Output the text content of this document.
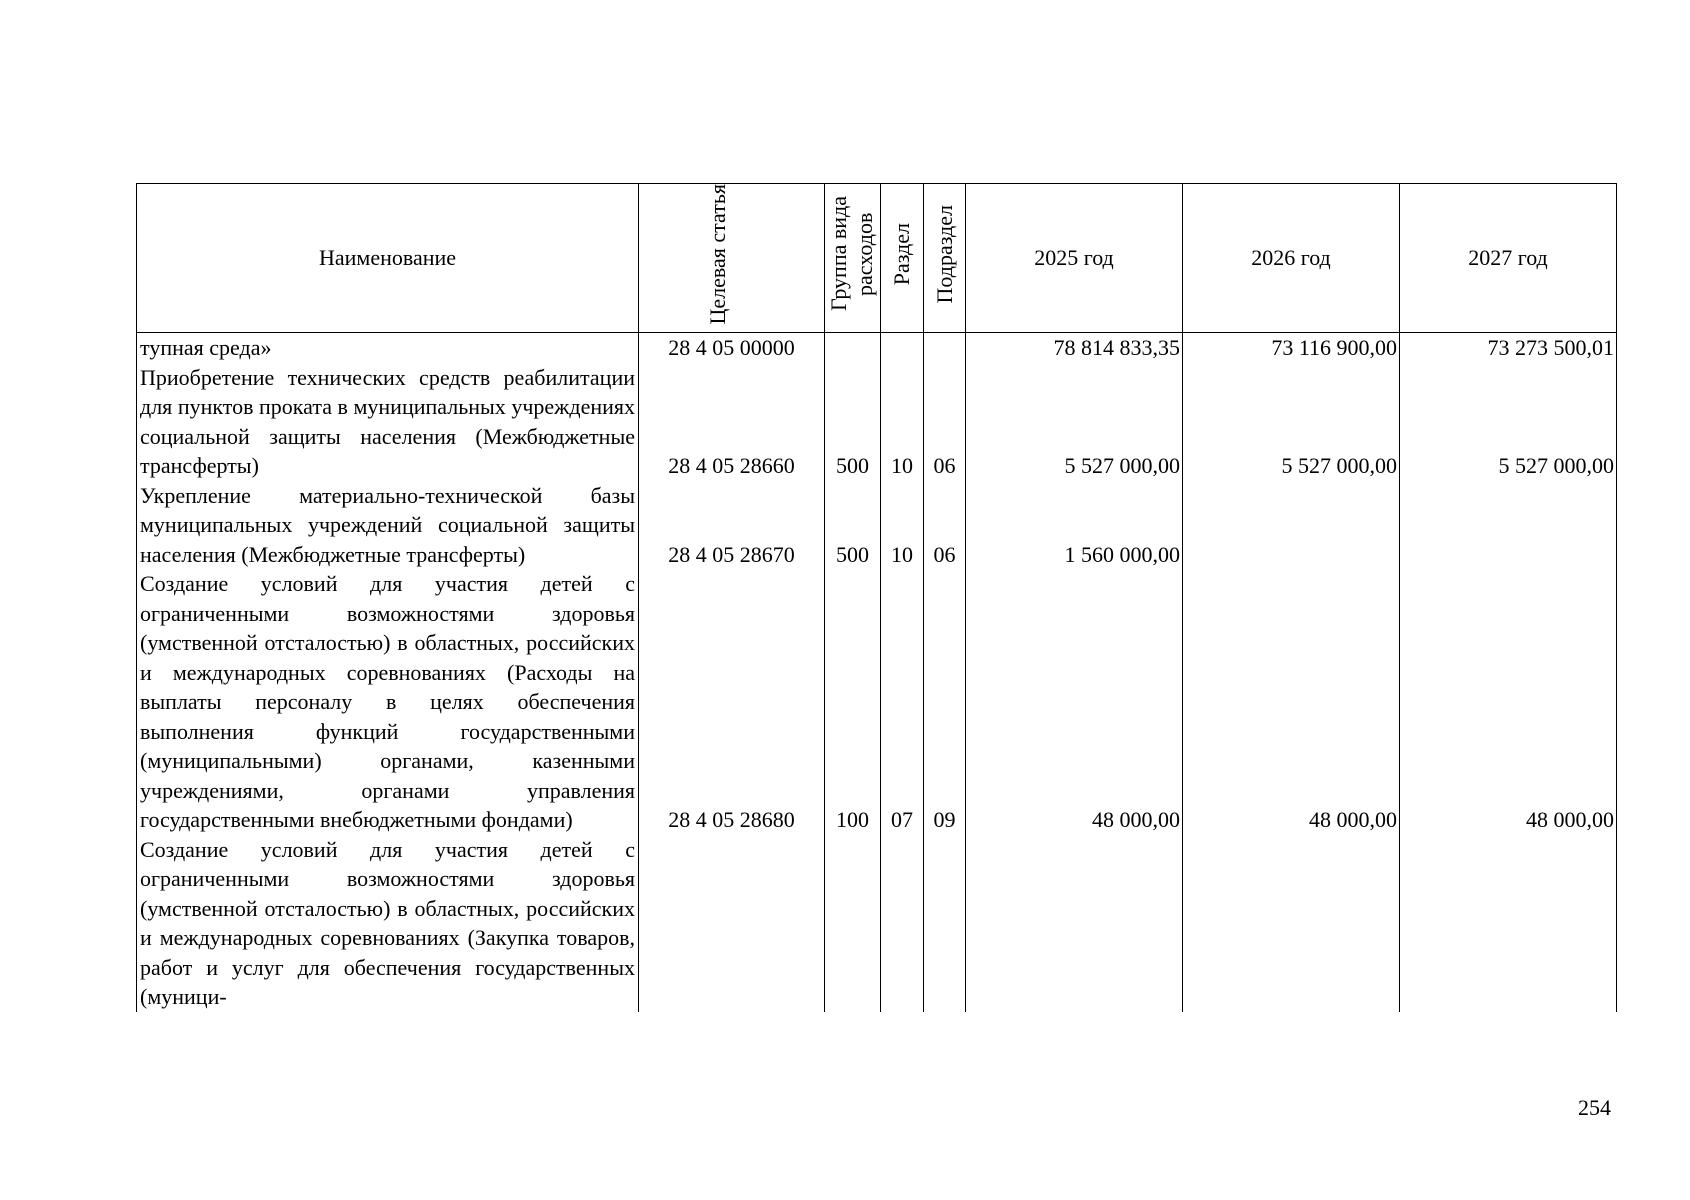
Наименование	Целевая статья	Группа вида расходов	Раздел	Подраздел	2025 год	2026 год	2027 год

тупная среда»	28 4 05 00000				78 814 833,35	73 116 900,00	73 273 500,01

Приобретение технических средств реабилитации для пунктов проката в муниципальных учреждениях социальной защиты населения (Межбюджетные трансферты)	28 4 05 28660	500	10	06	5 527 000,00	5 527 000,00	5 527 000,00

Укрепление материально-технической базы муниципальных учреждений социальной защиты населения (Межбюджетные трансферты)	28 4 05 28670	500	10	06	1 560 000,00		

Создание условий для участия детей с ограниченными возможностями здоровья (умственной отсталостью) в областных, российских и международных соревнованиях (Расходы на выплаты персоналу в целях обеспечения выполнения функций государственными (муниципальными) органами, казенными учреждениями, органами управления государственными внебюджетными фондами)	28 4 05 28680	100	07	09	48 000,00	48 000,00	48 000,00

Создание условий для участия детей с ограниченными возможностями здоровья (умственной отсталостью) в областных, российских и международных соревнованиях (Закупка товаров, работ и услуг для обеспечения государственных (муници-							

254
